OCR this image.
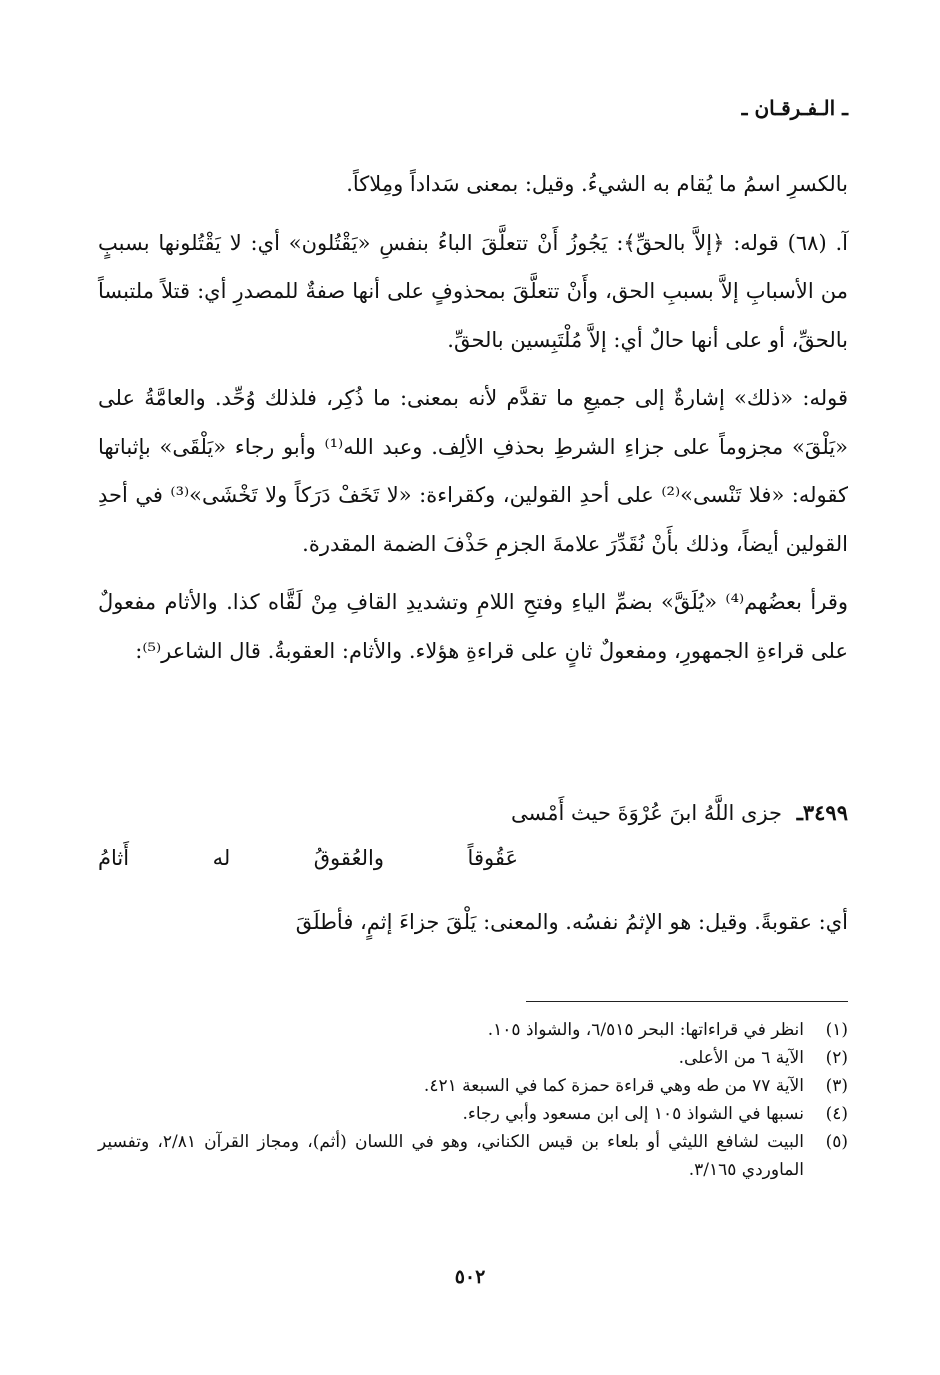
ـ الـفـرقـان ـ

بالكسرِ اسمُ ما يُقام به الشيءُ. وقيل: بمعنى سَداداً ومِلاكاً.

آ. (٦٨) قوله: ﴿إلاَّ بالحقِّ﴾: يَجُوزُ أَنْ تتعلَّقَ الباءُ بنفسِ «يَقْتُلون» أي: لا يَقْتُلونها بسببٍ من الأسبابِ إلاَّ بسببِ الحق، وأَنْ تتعلَّقَ بمحذوفٍ على أنها صفةٌ للمصدرِ أي: قتلاً ملتبساً بالحقِّ، أو على أنها حالٌ أي: إلاَّ مُلْتَبِسين بالحقِّ.

قوله: «ذلك» إشارةٌ إلى جميعِ ما تقدَّم لأنه بمعنى: ما ذُكِر، فلذلك وُحِّد. والعامَّةُ على «يَلْقَ» مجزوماً على جزاءِ الشرطِ بحذفِ الألِف. وعبد الله⁽¹⁾ وأبو رجاء «يَلْقَى» بإثباتها كقوله: «فلا تَنْسى»⁽²⁾ على أحدِ القولين، وكقراءة: «لا تَخَفْ دَرَكاً ولا تَخْشَى»⁽³⁾ في أحدِ القولين أيضاً، وذلك بأَنْ نُقَدِّرَ علامةَ الجزمِ حَذْفَ الضمة المقدرة.

وقرأ بعضُهم⁽⁴⁾ «يُلَقَّ» بضمِّ الياءِ وفتحِ اللامِ وتشديدِ القافِ مِنْ لَقَّاه كذا. والأثام مفعولٌ على قراءةِ الجمهورِ، ومفعولٌ ثانٍ على قراءةِ هؤلاء. والأثام: العقوبةُ. قال الشاعر⁽⁵⁾:

٣٤٩٩ـ جزى اللَّهُ ابنَ عُرْوَةَ حيث أَمْسى
عَقُوقاً والعُقوقُ له أَثامُ

أي: عقوبةً. وقيل: هو الإثمُ نفسُه. والمعنى: يَلْقَ جزاءَ إثمٍ، فأطلَقَ

(١)
انظر في قراءاتها: البحر ٦/٥١٥، والشواذ ١٠٥.
(٢)
الآية ٦ من الأعلى.
(٣)
الآية ٧٧ من طه وهي قراءة حمزة كما في السبعة ٤٢١.
(٤)
نسبها في الشواذ ١٠٥ إلى ابن مسعود وأبي رجاء.
(٥)
البيت لشافع الليثي أو بلعاء بن قيس الكناني، وهو في اللسان (أثم)، ومجاز القرآن ٢/٨١، وتفسير الماوردي ٣/١٦٥.
٥٠٢
